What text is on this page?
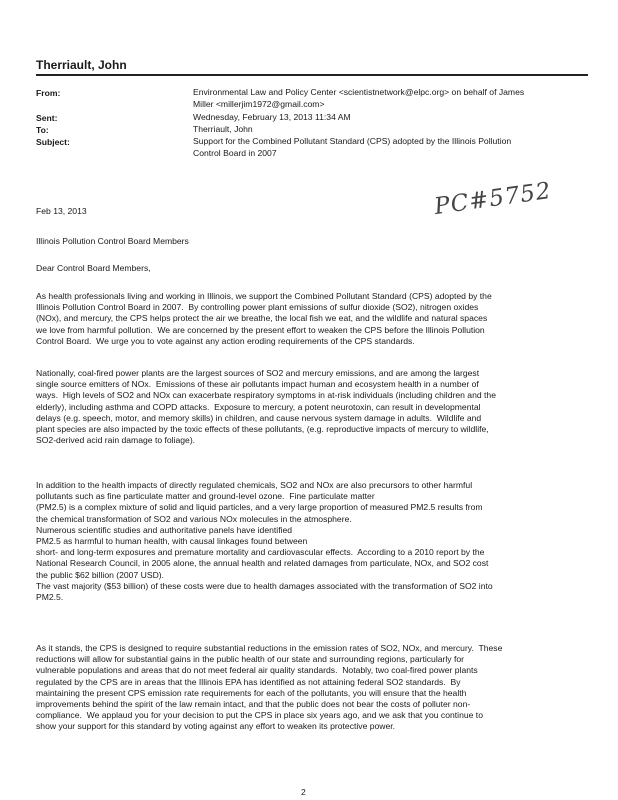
Therriault, John
From:	Environmental Law and Policy Center <scientistnetwork@elpc.org> on behalf of James
Miller <millerjim1972@gmail.com>
Sent:	Wednesday, February 13, 2013 11:34 AM
To:	Therriault, John
Subject:	Support for the Combined Pollutant Standard (CPS) adopted by the Illinois Pollution
Control Board in 2007
PC#5752
Feb 13, 2013
Illinois Pollution Control Board Members
Dear Control Board Members,
As health professionals living and working in Illinois, we support the Combined Pollutant Standard (CPS) adopted by the
Illinois Pollution Control Board in 2007.  By controlling power plant emissions of sulfur dioxide (SO2), nitrogen oxides
(NOx), and mercury, the CPS helps protect the air we breathe, the local fish we eat, and the wildlife and natural spaces
we love from harmful pollution.  We are concerned by the present effort to weaken the CPS before the Illinois Pollution
Control Board.  We urge you to vote against any action eroding requirements of the CPS standards.
Nationally, coal-fired power plants are the largest sources of SO2 and mercury emissions, and are among the largest
single source emitters of NOx.  Emissions of these air pollutants impact human and ecosystem health in a number of
ways.  High levels of SO2 and NOx can exacerbate respiratory symptoms in at-risk individuals (including children and the
elderly), including asthma and COPD attacks.  Exposure to mercury, a potent neurotoxin, can result in developmental
delays (e.g. speech, motor, and memory skills) in children, and cause nervous system damage in adults.  Wildlife and
plant species are also impacted by the toxic effects of these pollutants, (e.g. reproductive impacts of mercury to wildlife,
SO2-derived acid rain damage to foliage).
In addition to the health impacts of directly regulated chemicals, SO2 and NOx are also precursors to other harmful
pollutants such as fine particulate matter and ground-level ozone.  Fine particulate matter
(PM2.5) is a complex mixture of solid and liquid particles, and a very large proportion of measured PM2.5 results from
the chemical transformation of SO2 and various NOx molecules in the atmosphere.
Numerous scientific studies and authoritative panels have identified
PM2.5 as harmful to human health, with causal linkages found between
short- and long-term exposures and premature mortality and cardiovascular effects.  According to a 2010 report by the
National Research Council, in 2005 alone, the annual health and related damages from particulate, NOx, and SO2 cost
the public $62 billion (2007 USD).
The vast majority ($53 billion) of these costs were due to health damages associated with the transformation of SO2 into
PM2.5.
As it stands, the CPS is designed to require substantial reductions in the emission rates of SO2, NOx, and mercury.  These
reductions will allow for substantial gains in the public health of our state and surrounding regions, particularly for
vulnerable populations and areas that do not meet federal air quality standards.  Notably, two coal-fired power plants
regulated by the CPS are in areas that the Illinois EPA has identified as not attaining federal SO2 standards.  By
maintaining the present CPS emission rate requirements for each of the pollutants, you will ensure that the health
improvements behind the spirit of the law remain intact, and that the public does not bear the costs of polluter non-
compliance.  We applaud you for your decision to put the CPS in place six years ago, and we ask that you continue to
show your support for this standard by voting against any effort to weaken its protective power.
2
